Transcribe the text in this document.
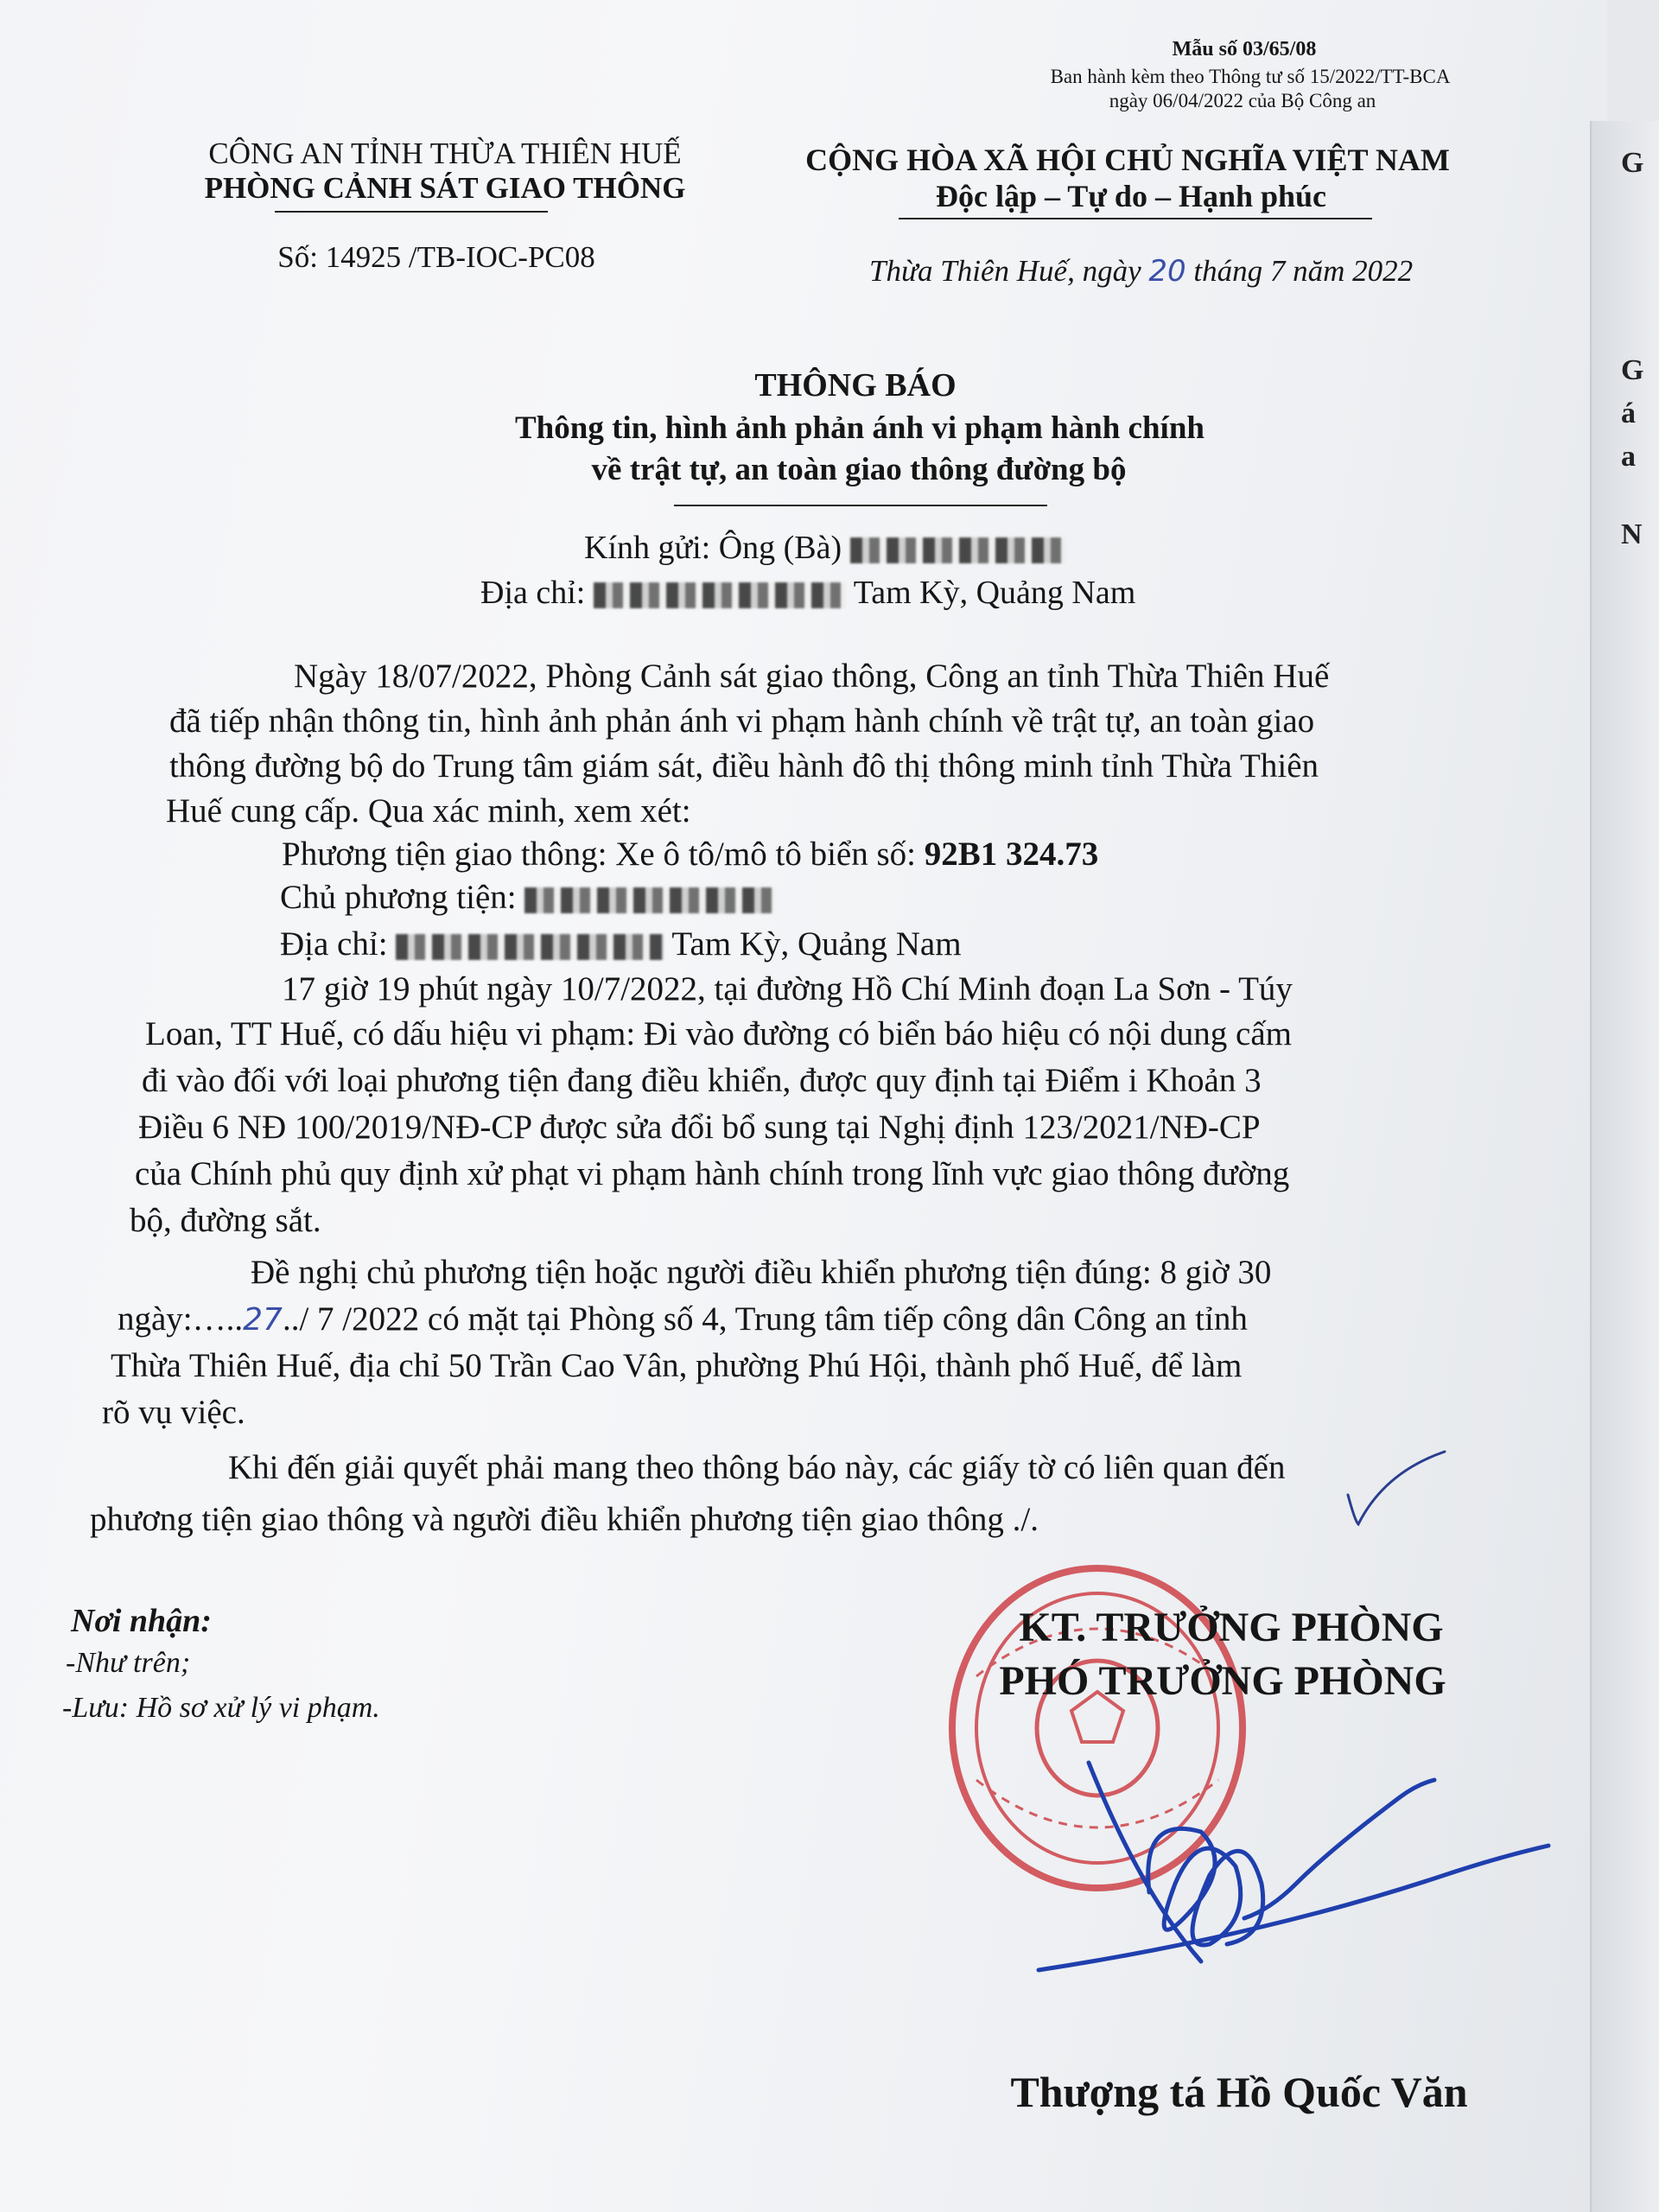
Mẫu số 03/65/08
Ban hành kèm theo Thông tư số 15/2022/TT-BCA
ngày 06/04/2022 của Bộ Công an
CÔNG AN TỈNH THỪA THIÊN HUẾ
PHÒNG CẢNH SÁT GIAO THÔNG
Số: 14925 /TB-IOC-PC08
CỘNG HÒA XÃ HỘI CHỦ NGHĨA VIỆT NAM
Độc lập – Tự do – Hạnh phúc
Thừa Thiên Huế, ngày 20 tháng 7 năm 2022
THÔNG BÁO
Thông tin, hình ảnh phản ánh vi phạm hành chính
về trật tự, an toàn giao thông đường bộ
Kính gửi: Ông (Bà)
Địa chỉ:	Tam Kỳ, Quảng Nam
Ngày 18/07/2022, Phòng Cảnh sát giao thông, Công an tỉnh Thừa Thiên Huế
đã tiếp nhận thông tin, hình ảnh phản ánh vi phạm hành chính về trật tự, an toàn giao
thông đường bộ do Trung tâm giám sát, điều hành đô thị thông minh tỉnh Thừa Thiên
Huế cung cấp. Qua xác minh, xem xét:
Phương tiện giao thông: Xe ô tô/mô tô biển số: 92B1 324.73
Chủ phương tiện:
Địa chỉ:	Tam Kỳ, Quảng Nam
17 giờ 19 phút ngày 10/7/2022, tại đường Hồ Chí Minh đoạn La Sơn - Túy
Loan, TT Huế, có dấu hiệu vi phạm: Đi vào đường có biển báo hiệu có nội dung cấm
đi vào đối với loại phương tiện đang điều khiển, được quy định tại Điểm i Khoản 3
Điều 6 NĐ 100/2019/NĐ-CP được sửa đổi bổ sung tại Nghị định 123/2021/NĐ-CP
của Chính phủ quy định xử phạt vi phạm hành chính trong lĩnh vực giao thông đường
bộ, đường sắt.
Đề nghị chủ phương tiện hoặc người điều khiển phương tiện đúng: 8 giờ 30
ngày:…..27../ 7 /2022 có mặt tại Phòng số 4, Trung tâm tiếp công dân Công an tỉnh
Thừa Thiên Huế, địa chỉ 50 Trần Cao Vân, phường Phú Hội, thành phố Huế, để làm
rõ vụ việc.
Khi đến giải quyết phải mang theo thông báo này, các giấy tờ có liên quan đến
phương tiện giao thông và người điều khiển phương tiện giao thông ./.
Nơi nhận:
-Như trên;
-Lưu: Hồ sơ xử lý vi phạm.
KT. TRƯỞNG PHÒNG
PHÓ TRƯỞNG PHÒNG
Thượng tá Hồ Quốc Văn
G
G
á
a
N
